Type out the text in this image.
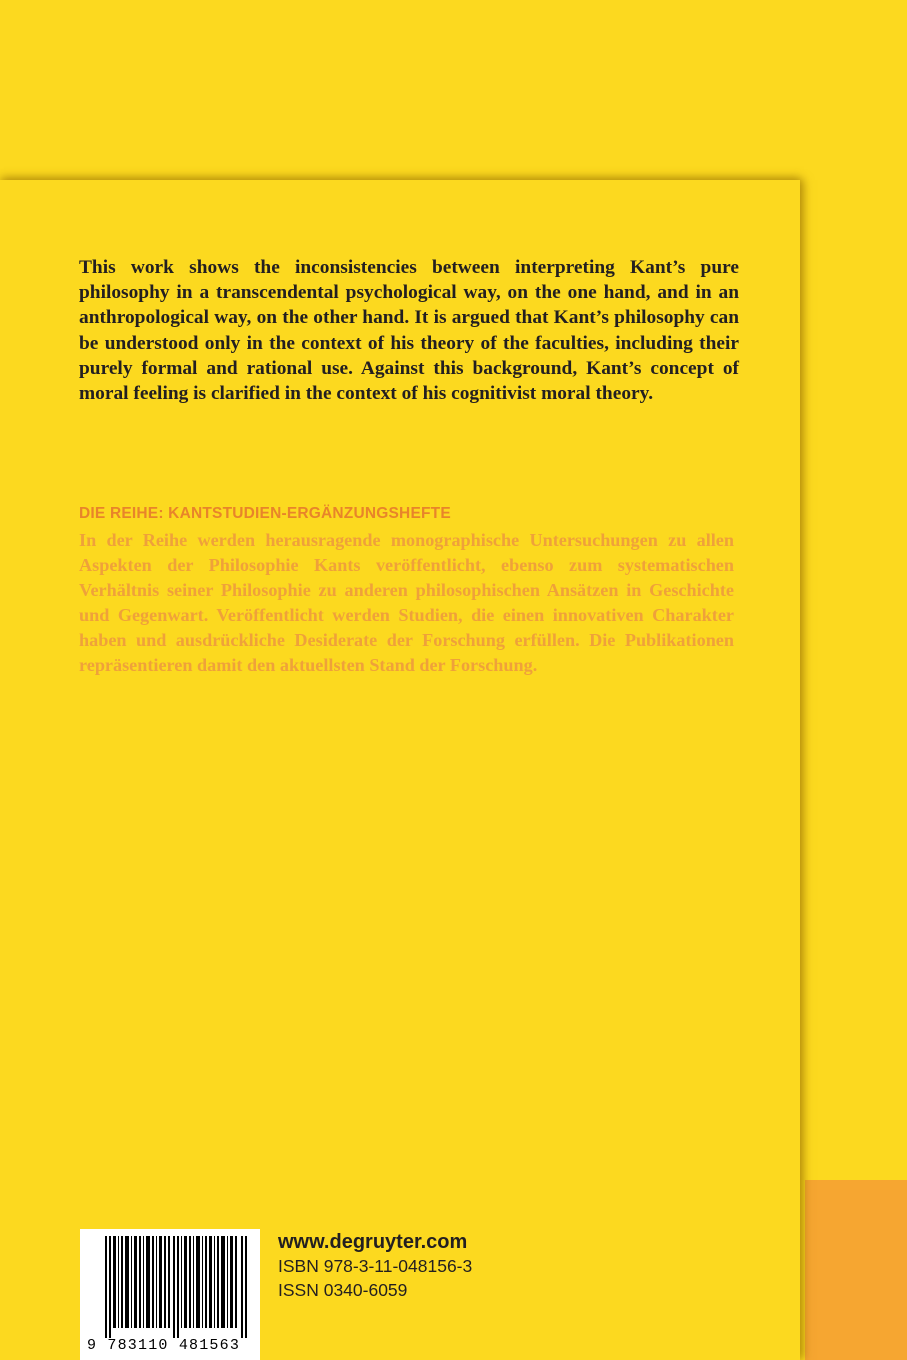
This work shows the inconsistencies between interpreting Kant’s pure philosophy in a transcendental psychological way, on the one hand, and in an anthropological way, on the other hand. It is argued that Kant’s philosophy can be understood only in the context of his theory of the faculties, including their purely formal and rational use. Against this background, Kant’s concept of moral feeling is clarified in the context of his cognitivist moral theory.

DIE REIHE: KANTSTUDIEN-ERGÄNZUNGSHEFTE

In der Reihe werden herausragende monographische Untersuchungen zu allen Aspekten der Philosophie Kants veröffentlicht, ebenso zum systematischen Verhältnis seiner Philosophie zu anderen philosophischen Ansätzen in Geschichte und Gegenwart. Veröffentlicht werden Studien, die einen innovativen Charakter haben und ausdrückliche Desiderate der Forschung erfüllen. Die Publikationen repräsentieren damit den aktuellsten Stand der Forschung.

9 783110 481563
www.degruyter.com
ISBN 978-3-11-048156-3
ISSN 0340-6059
